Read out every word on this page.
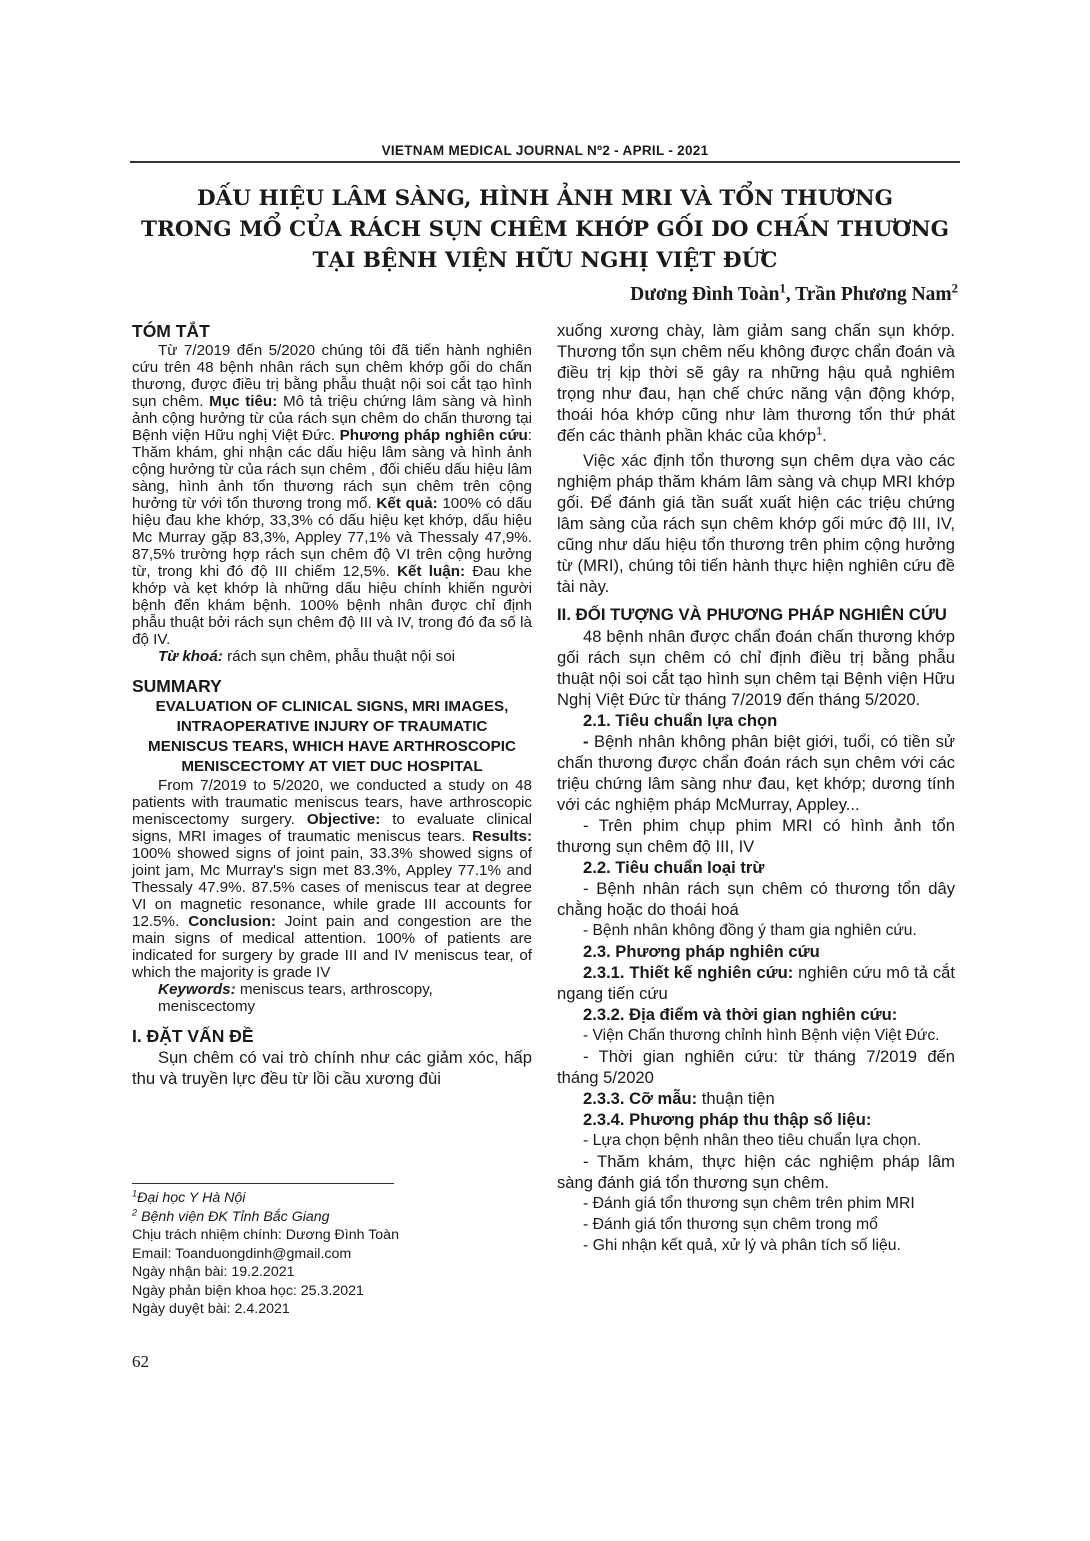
VIETNAM MEDICAL JOURNAL Nº2 - APRIL - 2021
DẤU HIỆU LÂM SÀNG, HÌNH ẢNH MRI VÀ TỔN THƯƠNG
TRONG MỔ CỦA RÁCH SỤN CHÊM KHỚP GỐI DO CHẤN THƯƠNG
TẠI BỆNH VIỆN HỮU NGHỊ VIỆT ĐỨC
Dương Đình Toàn$^1$, Trần Phương Nam$^2$
TÓM TẮT

Từ 7/2019 đến 5/2020 chúng tôi đã tiến hành nghiên cứu trên 48 bệnh nhân rách sụn chêm khớp gối do chấn thương, được điều trị bằng phẫu thuật nội soi cắt tạo hình sụn chêm. Mục tiêu: Mô tả triệu chứng lâm sàng và hình ảnh cộng hưởng từ của rách sụn chêm do chấn thương tại Bệnh viện Hữu nghị Việt Đức. Phương pháp nghiên cứu: Thăm khám, ghi nhận các dấu hiệu lâm sàng và hình ảnh cộng hưởng từ của rách sụn chêm , đối chiếu dấu hiệu lâm sàng, hình ảnh tổn thương rách sụn chêm trên cộng hưởng từ với tổn thương trong mổ. Kết quả: 100% có dấu hiệu đau khe khớp, 33,3% có dấu hiệu kẹt khớp, dấu hiệu Mc Murray gặp 83,3%, Appley 77,1% và Thessaly 47,9%. 87,5% trường hợp rách sụn chêm độ VI trên cộng hưởng từ, trong khi đó độ III chiếm 12,5%. Kết luận: Đau khe khớp và kẹt khớp là những dấu hiệu chính khiến người bệnh đến khám bệnh. 100% bệnh nhân được chỉ định phẫu thuật bởi rách sụn chêm độ III và IV, trong đó đa số là độ IV.

Từ khoá: rách sụn chêm, phẫu thuật nội soi
SUMMARY
EVALUATION OF CLINICAL SIGNS, MRI IMAGES, INTRAOPERATIVE INJURY OF TRAUMATIC MENISCUS TEARS, WHICH HAVE ARTHROSCOPIC MENISCECTOMY AT VIET DUC HOSPITAL

From 7/2019 to 5/2020, we conducted a study on 48 patients with traumatic meniscus tears, have arthroscopic meniscectomy surgery. Objective: to evaluate clinical signs, MRI images of traumatic meniscus tears. Results: 100% showed signs of joint pain, 33.3% showed signs of joint jam, Mc Murray's sign met 83.3%, Appley 77.1% and Thessaly 47.9%. 87.5% cases of meniscus tear at degree VI on magnetic resonance, while grade III accounts for 12.5%. Conclusion: Joint pain and congestion are the main signs of medical attention. 100% of patients are indicated for surgery by grade III and IV meniscus tear, of which the majority is grade IV

Keywords: meniscus tears, arthroscopy, meniscectomy
I. ĐẶT VẤN ĐỀ

Sụn chêm có vai trò chính như các giảm xóc, hấp thu và truyền lực đều từ lồi cầu xương đùi

xuống xương chày, làm giảm sang chấn sụn khớp. Thương tổn sụn chêm nếu không được chẩn đoán và điều trị kịp thời sẽ gây ra những hậu quả nghiêm trọng như đau, hạn chế chức năng vận động khớp, thoái hóa khớp cũng như làm thương tổn thứ phát đến các thành phần khác của khớp$^1$.

Việc xác định tổn thương sụn chêm dựa vào các nghiệm pháp thăm khám lâm sàng và chụp MRI khớp gối. Để đánh giá tần suất xuất hiện các triệu chứng lâm sàng của rách sụn chêm khớp gối mức độ III, IV, cũng như dấu hiệu tổn thương trên phim cộng hưởng từ (MRI), chúng tôi tiến hành thực hiện nghiên cứu đề tài này.

II. ĐỐI TƯỢNG VÀ PHƯƠNG PHÁP NGHIÊN CỨU

48 bệnh nhân được chẩn đoán chấn thương khớp gối rách sụn chêm có chỉ định điều trị bằng phẫu thuật nội soi cắt tạo hình sụn chêm tại Bệnh viện Hữu Nghị Việt Đức từ tháng 7/2019 đến tháng 5/2020.

2.1. Tiêu chuẩn lựa chọn

- Bệnh nhân không phân biệt giới, tuổi, có tiền sử chấn thương được chẩn đoán rách sụn chêm với các triệu chứng lâm sàng như đau, kẹt khớp; dương tính với các nghiệm pháp McMurray, Appley...

- Trên phim chụp phim MRI có hình ảnh tổn thương sụn chêm độ III, IV

2.2. Tiêu chuẩn loại trừ

- Bệnh nhân rách sụn chêm có thương tổn dây chằng hoặc do thoái hoá

- Bệnh nhân không đồng ý tham gia nghiên cứu.

2.3. Phương pháp nghiên cứu

2.3.1. Thiết kế nghiên cứu: nghiên cứu mô tả cắt ngang tiến cứu

2.3.2. Địa điểm và thời gian nghiên cứu:

- Viện Chấn thương chỉnh hình Bệnh viện Việt Đức.

- Thời gian nghiên cứu: từ tháng 7/2019 đến tháng 5/2020

2.3.3. Cỡ mẫu: thuận tiện

2.3.4. Phương pháp thu thập số liệu:

- Lựa chọn bệnh nhân theo tiêu chuẩn lựa chọn.

- Thăm khám, thực hiện các nghiệm pháp lâm sàng đánh giá tổn thương sụn chêm.

- Đánh giá tổn thương sụn chêm trên phim MRI

- Đánh giá tổn thương sụn chêm trong mổ

- Ghi nhận kết quả, xử lý và phân tích số liệu.

$^1$Đại học Y Hà Nội
$^2$ Bệnh viện ĐK Tỉnh Bắc Giang
Chịu trách nhiệm chính: Dương Đình Toàn
Email: Toanduongdinh@gmail.com
Ngày nhận bài: 19.2.2021
Ngày phản biện khoa học: 25.3.2021
Ngày duyệt bài: 2.4.2021
62
